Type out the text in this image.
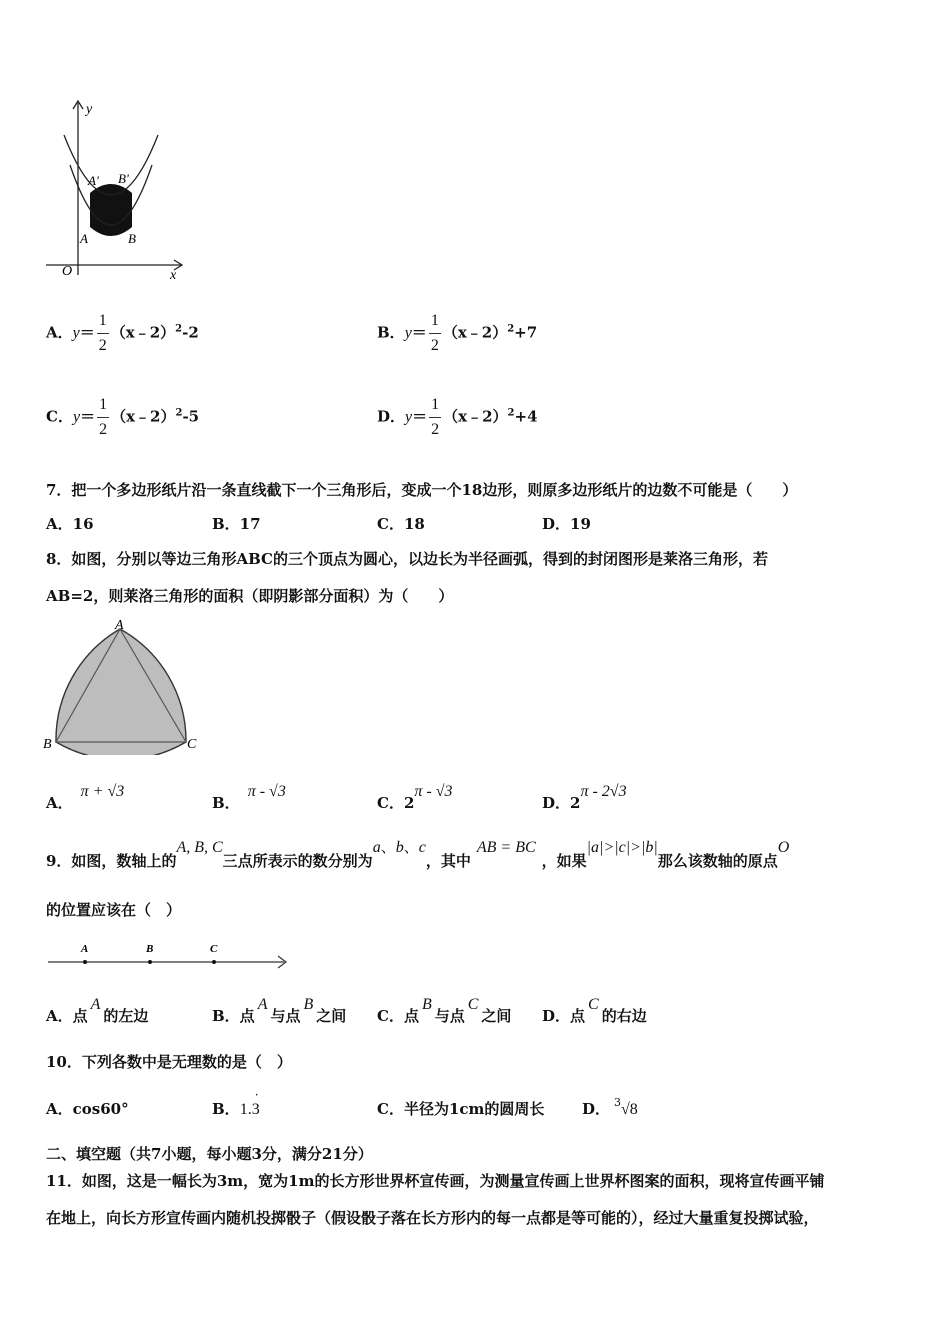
y
x
O
A	B
A' B'
A．$y= \frac{1}{2}$ （x﹣2）$^2$-2	B．$y= \frac{1}{2}$ （x﹣2）$^2$+7
C．$y= \frac{1}{2}$ （x﹣2）$^2$-5	D．$y= \frac{1}{2}$ （x﹣2）$^2$+4
7．把一个多边形纸片沿一条直线截下一个三角形后，变成一个18边形，则原多边形纸片的边数不可能是（　　）
A．16	B．17	C．18	D．19
8．如图，分别以等边三角形ABC的三个顶点为圆心，以边长为半径画弧，得到的封闭图形是莱洛三角形，若
AB=2，则莱洛三角形的面积（即阴影部分面积）为（　　）
A
B	C
A．π + √3
B．π - √3
C．2π - √3
D．2π - 2√3
9．如图，数轴上的A, B, C三点所表示的数分别为a、b、c，其中AB = BC，如果|a|>|c|>|b|那么该数轴的原点O
的位置应该在（　）
A	B	C
A．点A的左边	B．点A与点B之间 C．点B与点C之间 D．点C的右边
10．下列各数中是无理数的是（　）
A．cos60°	B．1.3
·
C．半径为1cm的圆周长	D． $^3$√8
二、填空题（共7小题，每小题3分，满分21分）
11．如图，这是一幅长为3m，宽为1m的长方形世界杯宣传画，为测量宣传画上世界杯图案的面积，现将宣传画平铺
在地上，向长方形宣传画内随机投掷骰子（假设骰子落在长方形内的每一点都是等可能的），经过大量重复投掷试验，
